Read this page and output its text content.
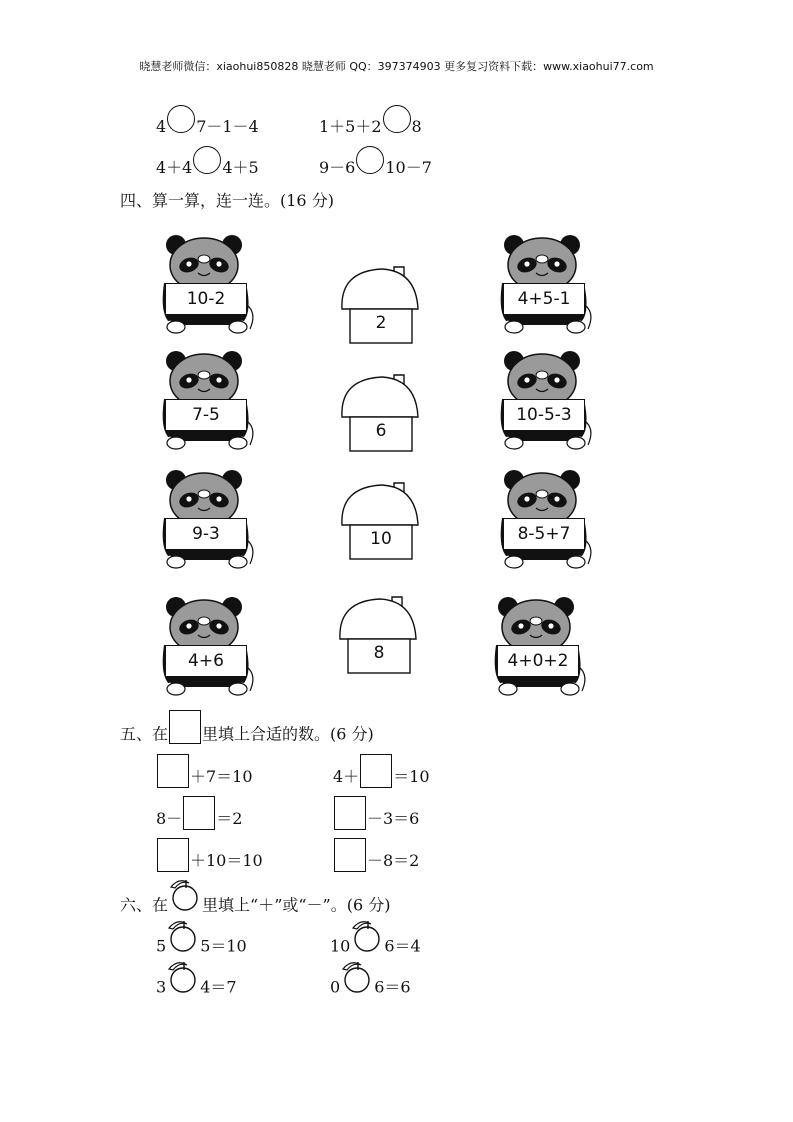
晓慧老师微信：xiaohui850828 晓慧老师 QQ：397374903 更多复习资料下载：www.xiaohui77.com
4 7－1－4	1＋5＋2 8
4＋4 4＋5	9－6 10－7
四、算一算，连一连。(16 分)
10-2
7-5
9-3
4+6
2
6
10
8
4+5-1
10-5-3
8-5+7
4+0+2
五、在 里填上合适的数。(6 分)
＋7＝10	4＋ ＝10
8－ ＝2	－3＝6
＋10＝10	－8＝2
六、在 里填上“＋”或“－”。(6 分)
5 5＝10	10 6＝4
3 4＝7	0 6＝6
